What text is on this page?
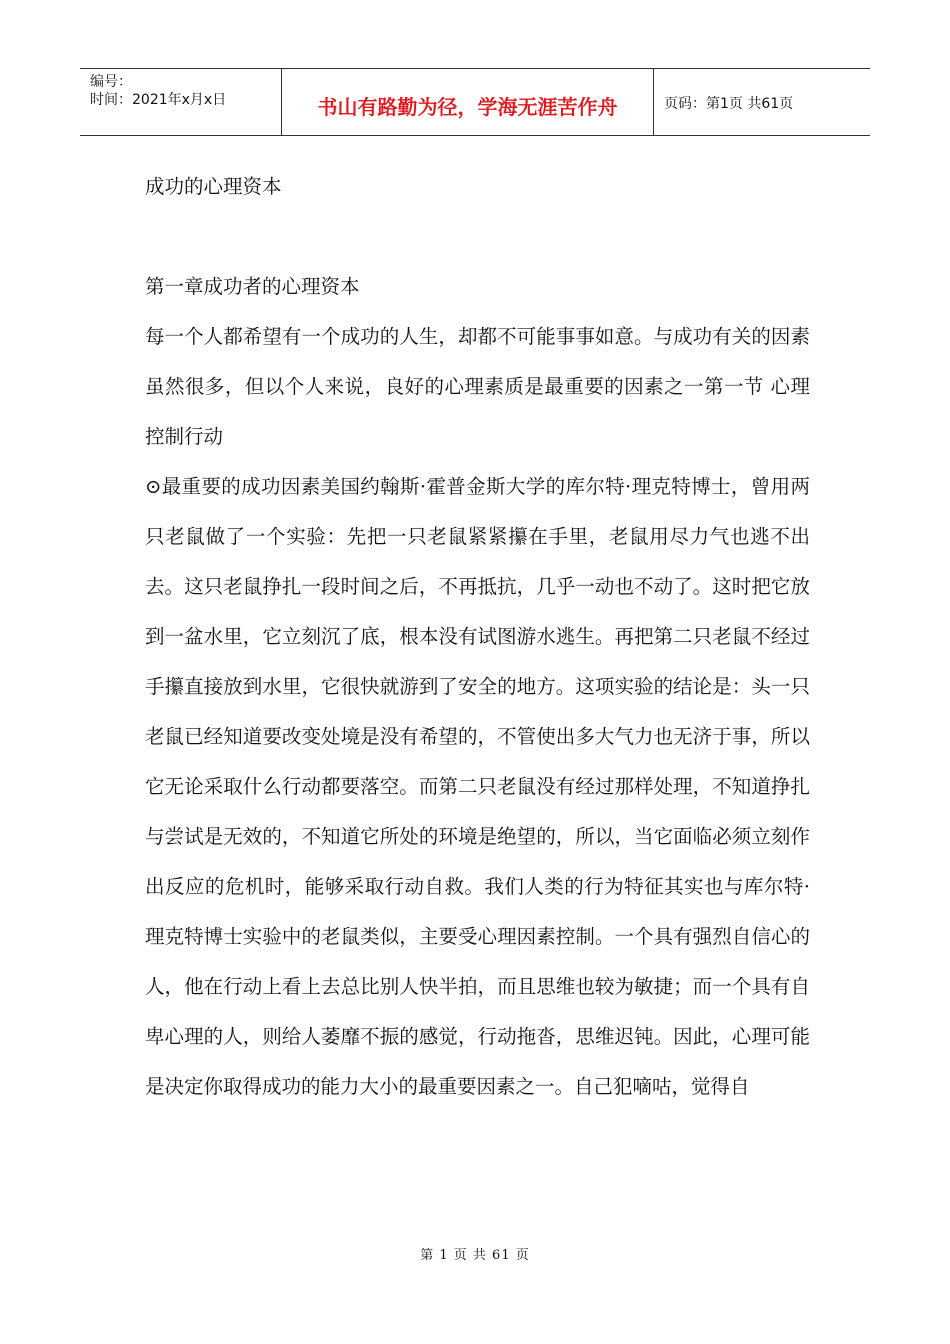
编号：
时间：2021年x月x日	书山有路勤为径，学海无涯苦作舟	页码：第1页 共61页

成功的心理资本

第一章成功者的心理资本

每一个人都希望有一个成功的人生，却都不可能事事如意。与成功有关的因素虽然很多，但以个人来说，良好的心理素质是最重要的因素之一第一节 心理控制行动

⊙最重要的成功因素美国约翰斯·霍普金斯大学的库尔特·理克特博士，曾用两只老鼠做了一个实验：先把一只老鼠紧紧攥在手里，老鼠用尽力气也逃不出去。这只老鼠挣扎一段时间之后，不再抵抗，几乎一动也不动了。这时把它放到一盆水里，它立刻沉了底，根本没有试图游水逃生。再把第二只老鼠不经过手攥直接放到水里，它很快就游到了安全的地方。这项实验的结论是：头一只老鼠已经知道要改变处境是没有希望的，不管使出多大气力也无济于事，所以它无论采取什么行动都要落空。而第二只老鼠没有经过那样处理，不知道挣扎与尝试是无效的，不知道它所处的环境是绝望的，所以，当它面临必须立刻作出反应的危机时，能够采取行动自救。我们人类的行为特征其实也与库尔特·理克特博士实验中的老鼠类似，主要受心理因素控制。一个具有强烈自信心的人，他在行动上看上去总比别人快半拍，而且思维也较为敏捷；而一个具有自卑心理的人，则给人萎靡不振的感觉，行动拖沓，思维迟钝。因此，心理可能是决定你取得成功的能力大小的最重要因素之一。自己犯嘀咕，觉得自

第 1 页 共 61 页
